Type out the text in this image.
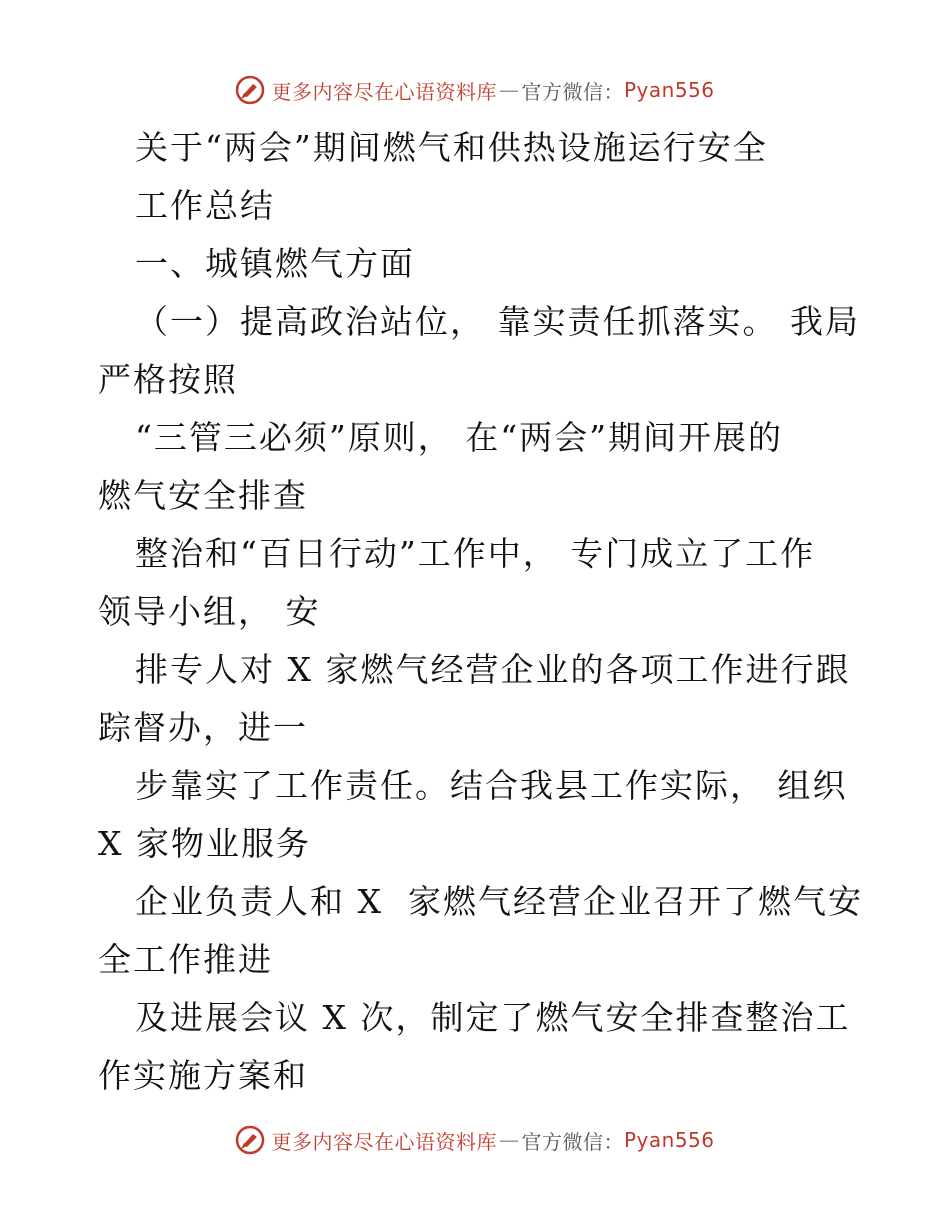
更多内容尽在心语资料库 — 官方微信： Pyan556
关于“两会”期间燃气和供热设施运行安全
工作总结
一、城镇燃气方面
（一）提高政治站位， 靠实责任抓落实。 我局
严格按照
“三管三必须”原则， 在“两会”期间开展的
燃气安全排查
整治和“百日行动”工作中， 专门成立了工作
领导小组， 安
排专人对 X 家燃气经营企业的各项工作进行跟
踪督办，进一
步靠实了工作责任。结合我县工作实际， 组织
X 家物业服务
企业负责人和 X  家燃气经营企业召开了燃气安
全工作推进
及进展会议 X 次，制定了燃气安全排查整治工
作实施方案和
更多内容尽在心语资料库 — 官方微信： Pyan556
